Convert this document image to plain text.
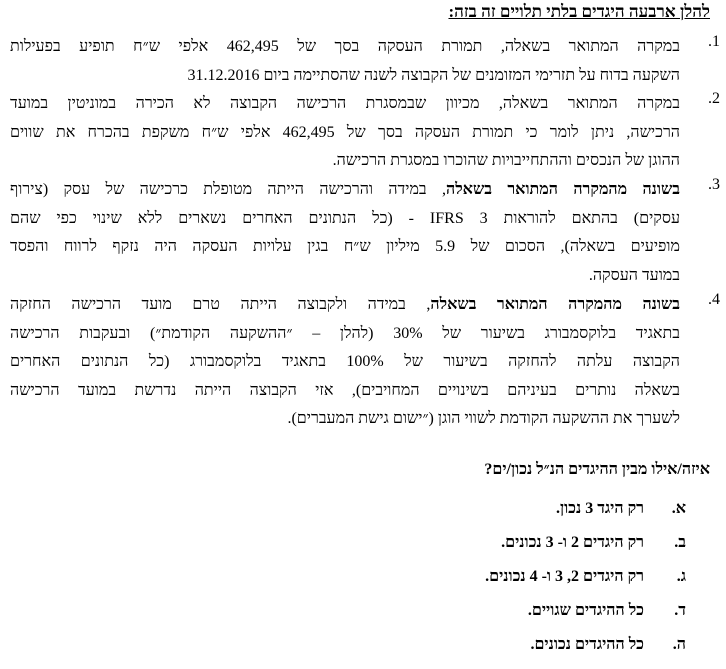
להלן ארבעה היגדים בלתי תלויים זה בזה:
1.
במקרה המתואר בשאלה, תמורת העסקה בסך של 462,495 אלפי ש״ח תופיע בפעילות
השקעה בדוח על תזרימי המזומנים של הקבוצה לשנה שהסתיימה ביום 31.12.2016
2.
במקרה המתואר בשאלה, מכיוון שבמסגרת הרכישה הקבוצה לא הכירה במוניטין במועד
הרכישה, ניתן לומר כי תמורת העסקה בסך של 462,495 אלפי ש״ח משקפת בהכרח את שווים
ההוגן של הנכסים וההתחייבויות שהוכרו במסגרת הרכישה.
3.
בשונה מהמקרה המתואר בשאלה, במידה והרכישה הייתה מטופלת כרכישה של עסק (צירוף
עסקים) בהתאם להוראות IFRS 3 - (כל הנתונים האחרים נשארים ללא שינוי כפי שהם
מופיעים בשאלה), הסכום של 5.9 מיליון ש״ח בגין עלויות העסקה היה נזקף לרווח והפסד
במועד העסקה.
4.
בשונה מהמקרה המתואר בשאלה, במידה ולקבוצה הייתה טרם מועד הרכישה החזקה
בתאגיד בלוקסמבורג בשיעור של 30% (להלן – ״ההשקעה הקודמת״) ובעקבות הרכישה
הקבוצה עלתה להחזקה בשיעור של 100% בתאגיד בלוקסמבורג (כל הנתונים האחרים
בשאלה נותרים בעיניהם בשינויים המחויבים), אזי הקבוצה הייתה נדרשת במועד הרכישה
לשערך את ההשקעה הקודמת לשווי הוגן (״ישום גישת המעברים).
איזה/אילו מבין ההיגדים הנ״ל נכון/ים?
א.
רק היגד 3 נכון.
ב.
רק היגדים 2 ו- 3 נכונים.
ג.
רק היגדים 2, 3 ו- 4 נכונים.
ד.
כל ההיגדים שגויים.
ה.
כל ההיגדים נכונים.
